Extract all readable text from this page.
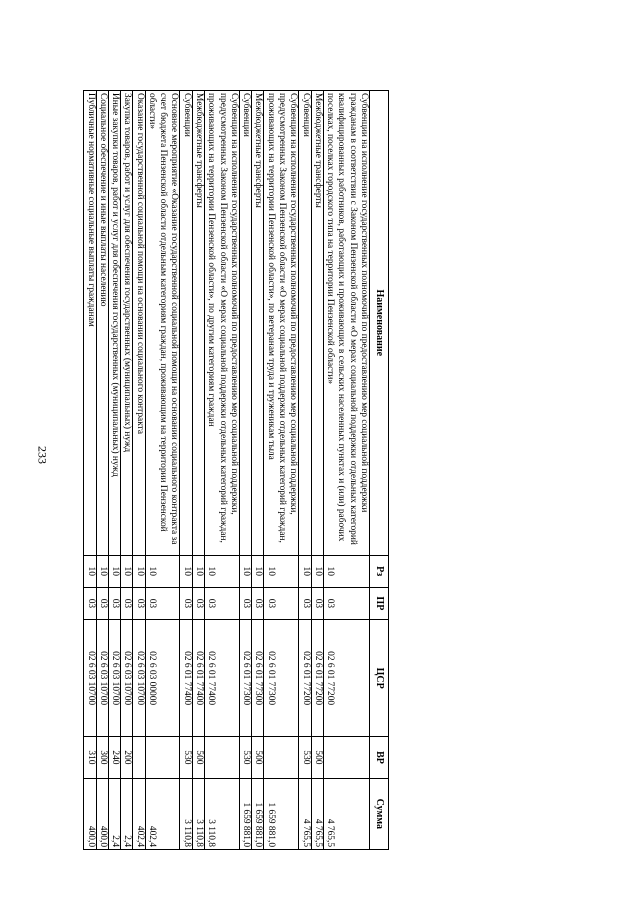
233
Наименование	Рз	ПР	ЦСР	ВР	Сумма
Субвенции на исполнение государственных полномочий по предоставлению мер социальной поддержки гражданам в соответствии с Законом Пензенской области «О мерах социальной поддержки отдельных категорий квалифицированных работников, работающих и проживающих в сельских населенных пунктах и (или) рабочих поселках, поселках городского типа на территории Пензенской области»	10	03	02 6 01 77200		4 765,5
Межбюджетные трансферты	10	03	02 6 01 77200	500	4 765,5
Субвенции	10	03	02 6 01 77200	530	4 765,5
Субвенции на исполнение государственных полномочий по предоставлению мер социальной поддержки, предусмотренных Законом Пензенской области «О мерах социальной поддержки отдельных категорий граждан, проживающих на территории Пензенской области», по ветеранам труда и труженикам тыла	10	03	02 6 01 77300		1 659 881,0
Межбюджетные трансферты	10	03	02 6 01 77300	500	1 659 881,0
Субвенции	10	03	02 6 01 77300	530	1 659 881,0
Субвенции на исполнение государственных полномочий по предоставлению мер социальной поддержки, предусмотренных Законом Пензенской области «О мерах социальной поддержки отдельных категорий граждан, проживающих на территории Пензенской области», по другим категориям граждан	10	03	02 6 01 77400		3 110,8
Межбюджетные трансферты	10	03	02 6 01 77400	500	3 110,8
Субвенции	10	03	02 6 01 77400	530	3 110,8
Основное мероприятие «Оказание государственной социальной помощи на основании социального контракта за счет бюджета Пензенской области отдельным категориям граждан, проживающим на территории Пензенской области»	10	03	02 6 03 00000		402,4
Оказание государственной социальной помощи на основании социального контракта	10	03	02 6 03 10700		402,4
Закупка товаров, работ и услуг для обеспечения государственных (муниципальных) нужд	10	03	02 6 03 10700	200	2,4
Иные закупки товаров, работ и услуг для обеспечения государственных (муниципальных) нужд	10	03	02 6 03 10700	240	2,4
Социальное обеспечение и иные выплаты населению	10	03	02 6 03 10700	300	400,0
Публичные нормативные социальные выплаты гражданам	10	03	02 6 03 10700	310	400,0
